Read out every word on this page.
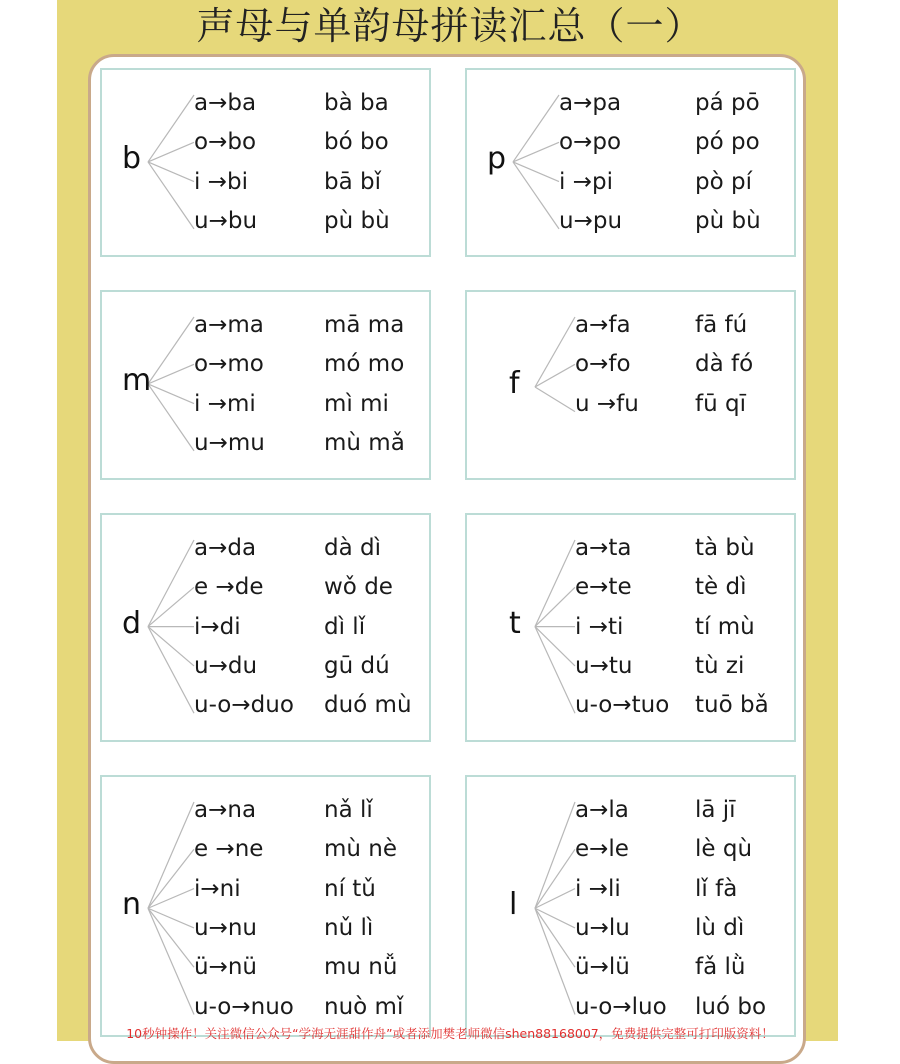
声母与单韵母拼读汇总（一）
b
a→ba	bà ba
o→bo	bó bo
i →bi	bā bǐ
u→bu	pù bù
p
a→pa	pá pō
o→po	pó po
i →pi	pò pí
u→pu	pù bù
m
a→ma	mā ma
o→mo	mó mo
i →mi	mì mi
u→mu	mù mǎ
f
a→fa	fā fú
o→fo	dà fó
u →fu fū qī
d
a→da	dà dì
e →de	wǒ de
i→di	dì lǐ
u→du	gū dú
u-o→duo duó mù
t
a→ta	tà bù
e→te	tè dì
i →ti	tí mù
u→tu	tù zi
u-o→tuo tuō bǎ
n
a→na	nǎ lǐ
e →ne	mù nè
i→ni	ní tǔ
u→nu	nǔ lì
ü→nü	mu nǚ
u-o→nuo nuò mǐ
l
a→la	lā jī
e→le	lè qù
i →li	lǐ fà
u→lu	lù dì
ü→lü	fǎ lǜ
u-o→luo luó bo
10秒钟操作！关注微信公众号“学海无涯甜作舟”或者添加樊老师微信shen88168007，免费提供完整可打印版资料！
